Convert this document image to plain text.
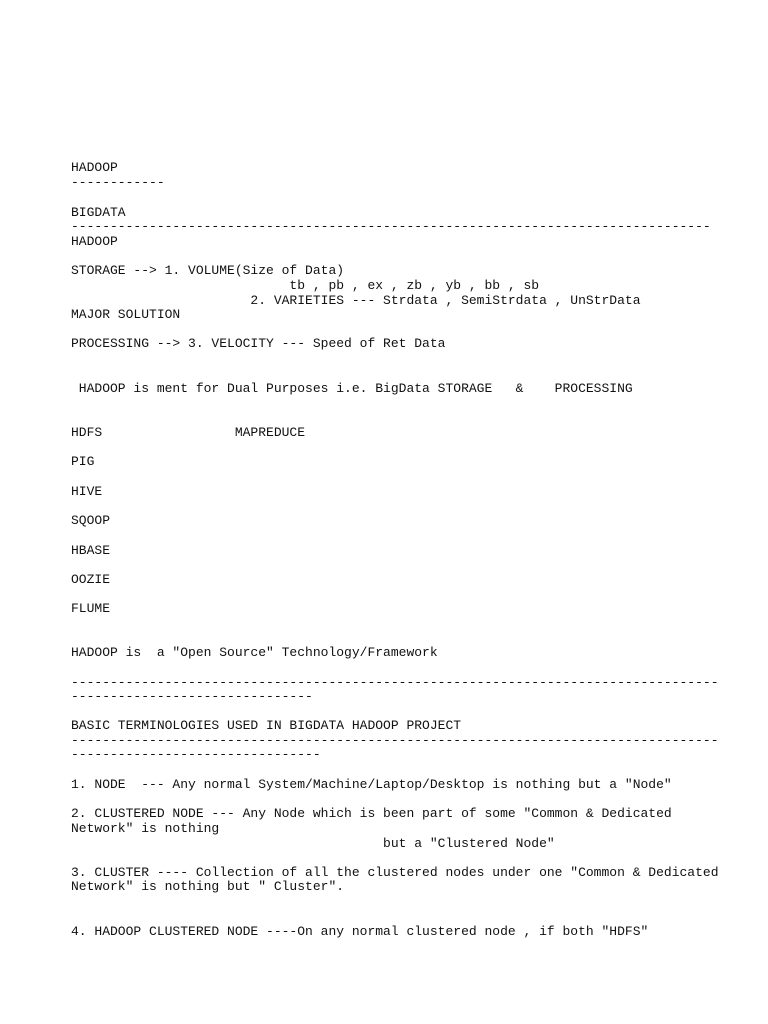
HADOOP

------------

BIGDATA

----------------------------------------------------------------------------------

HADOOP

STORAGE --> 1. VOLUME(Size of Data)

tb , pb , ex , zb , yb , bb , sb

2. VARIETIES --- Strdata , SemiStrdata , UnStrData

MAJOR SOLUTION

PROCESSING --> 3. VELOCITY --- Speed of Ret Data

HADOOP is ment for Dual Purposes i.e. BigData STORAGE   &    PROCESSING

HDFS                 MAPREDUCE

PIG

HIVE

SQOOP

HBASE

OOZIE

FLUME

HADOOP is  a "Open Source" Technology/Framework

-----------------------------------------------------------------------------------

-------------------------------

BASIC TERMINOLOGIES USED IN BIGDATA HADOOP PROJECT

-----------------------------------------------------------------------------------

--------------------------------

1. NODE  --- Any normal System/Machine/Laptop/Desktop is nothing but a "Node"

2. CLUSTERED NODE --- Any Node which is been part of some "Common & Dedicated

Network" is nothing

but a "Clustered Node"

3. CLUSTER ---- Collection of all the clustered nodes under one "Common & Dedicated

Network" is nothing but " Cluster".

4. HADOOP CLUSTERED NODE ----On any normal clustered node , if both "HDFS"
